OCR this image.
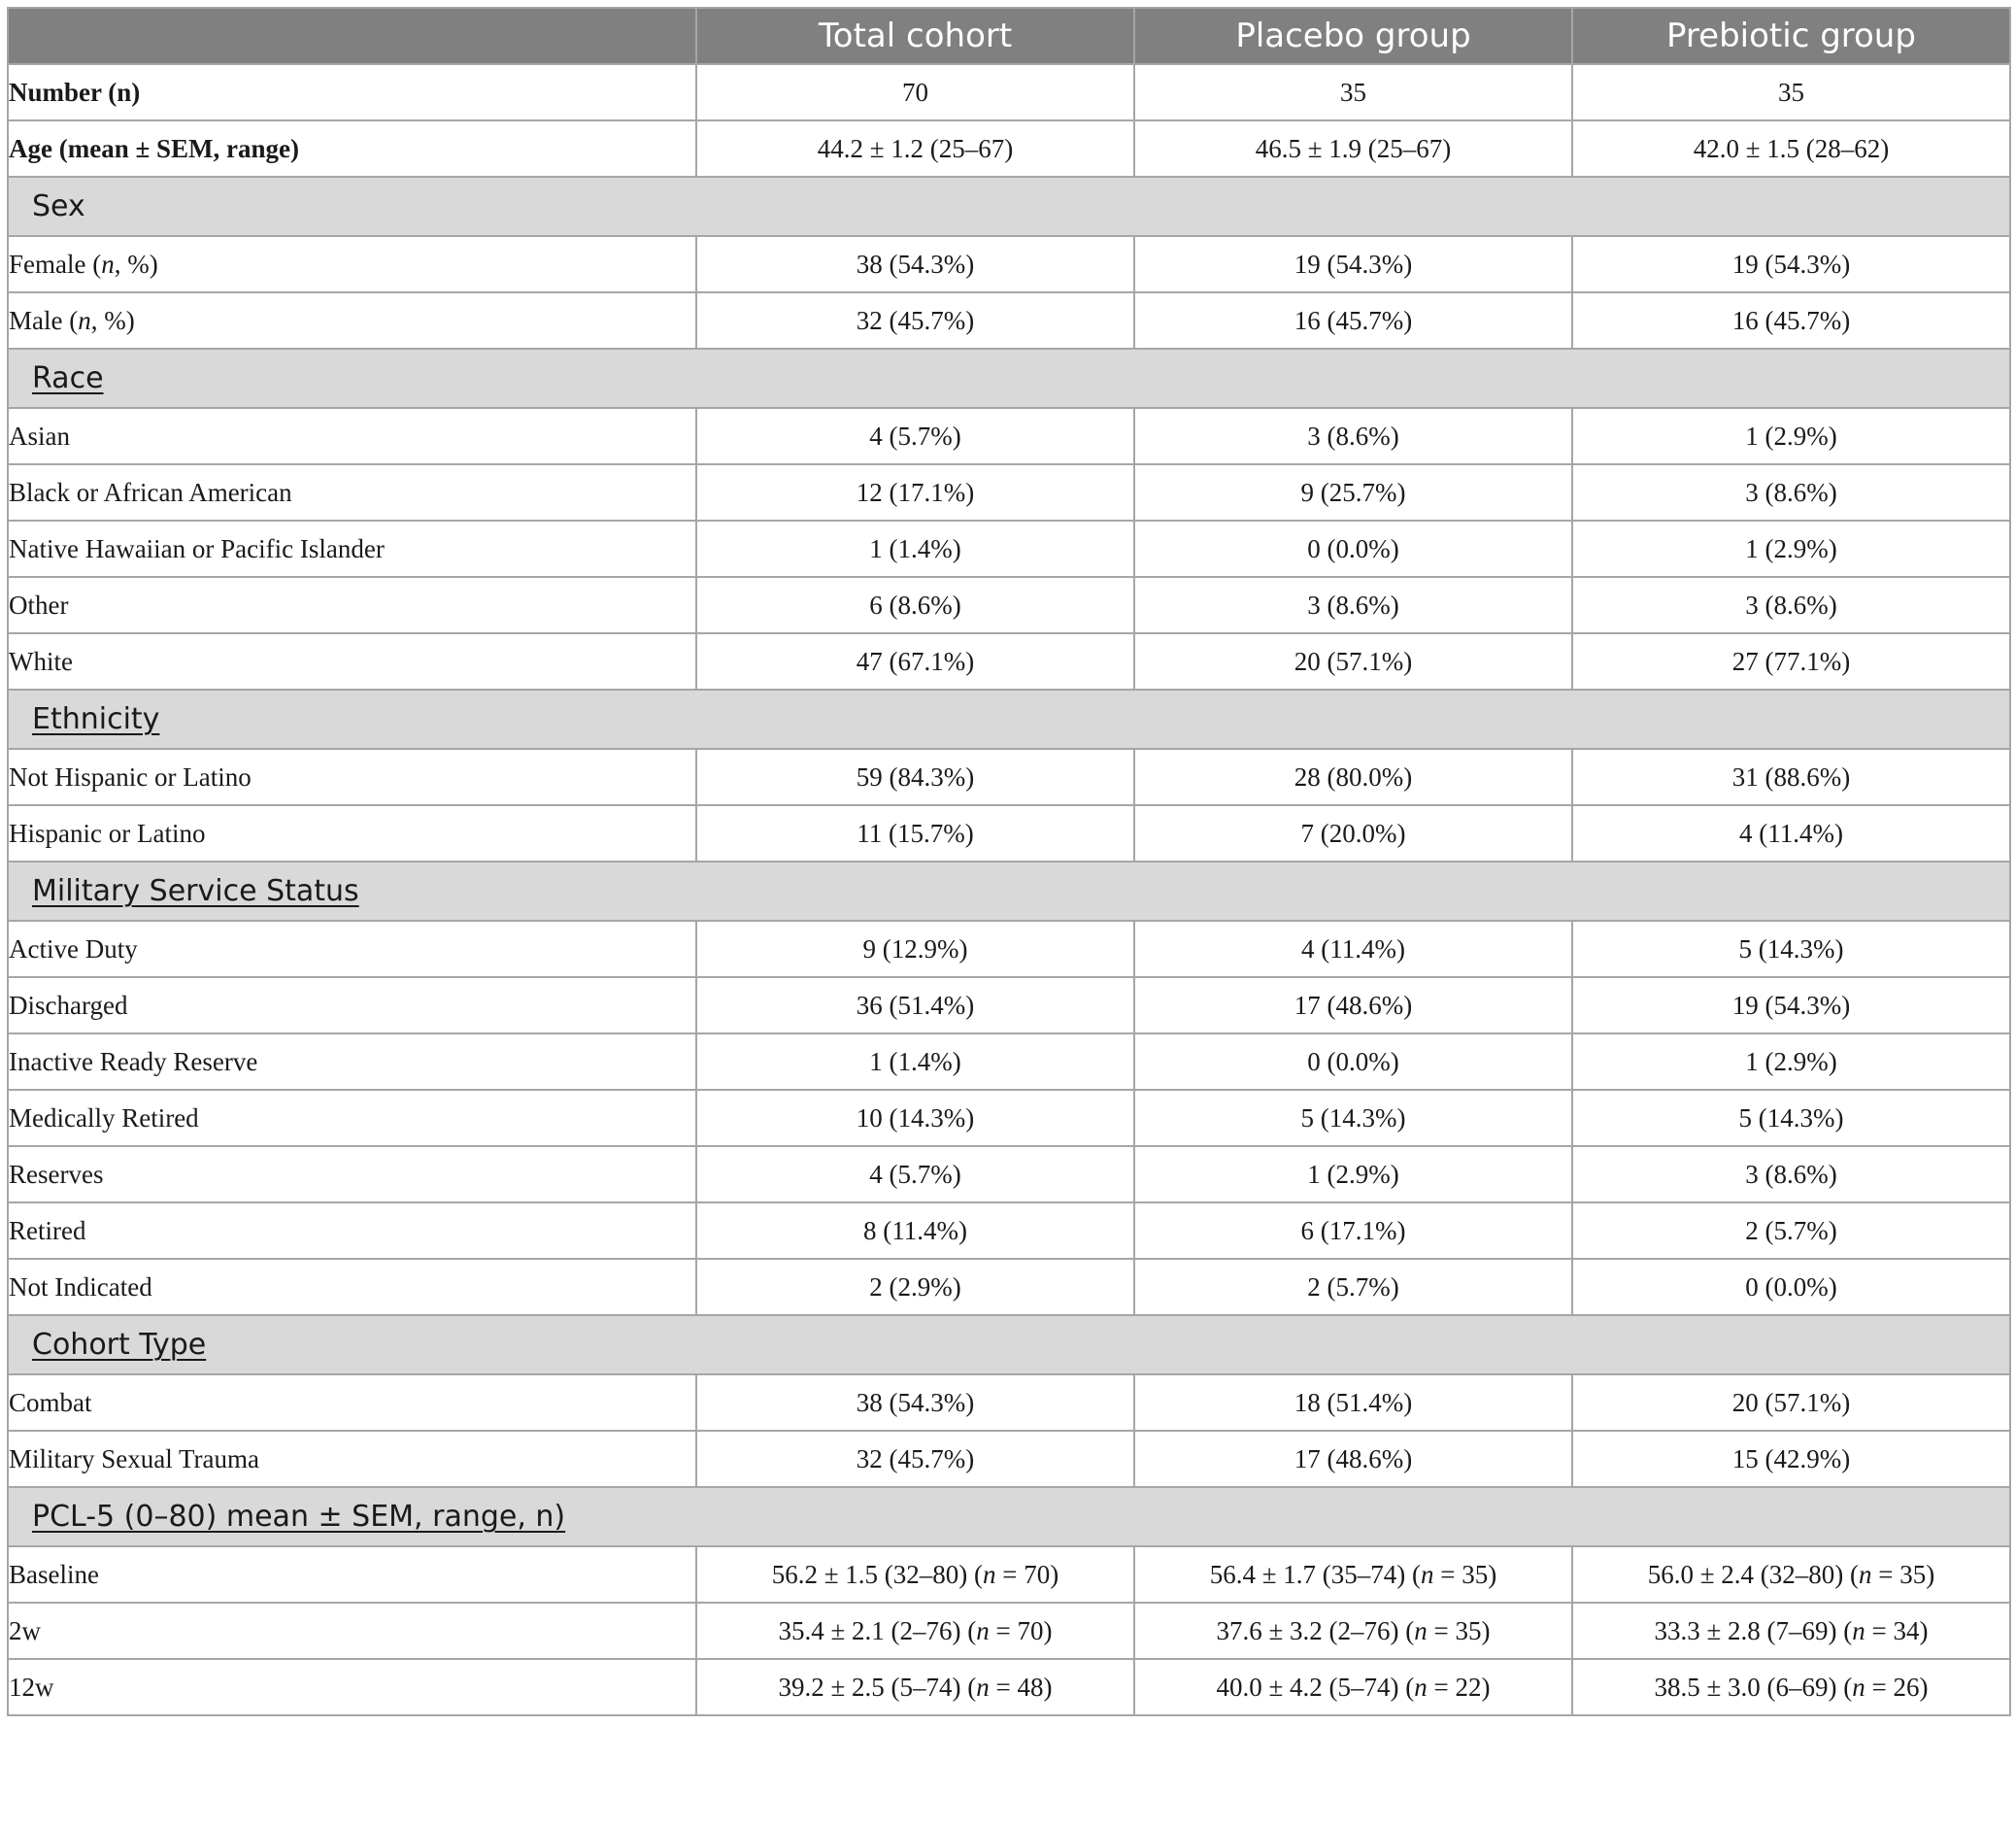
	Total cohort	Placebo group	Prebiotic group
Number (n)	70	35	35
Age (mean ± SEM, range)	44.2 ± 1.2 (25–67)	46.5 ± 1.9 (25–67)	42.0 ± 1.5 (28–62)
Sex			
Female (n, %)	38 (54.3%)	19 (54.3%)	19 (54.3%)
Male (n, %)	32 (45.7%)	16 (45.7%)	16 (45.7%)
Race			
Asian	4 (5.7%)	3 (8.6%)	1 (2.9%)
Black or African American	12 (17.1%)	9 (25.7%)	3 (8.6%)
Native Hawaiian or Pacific Islander	1 (1.4%)	0 (0.0%)	1 (2.9%)
Other	6 (8.6%)	3 (8.6%)	3 (8.6%)
White	47 (67.1%)	20 (57.1%)	27 (77.1%)
Ethnicity			
Not Hispanic or Latino	59 (84.3%)	28 (80.0%)	31 (88.6%)
Hispanic or Latino	11 (15.7%)	7 (20.0%)	4 (11.4%)
Military Service Status			
Active Duty	9 (12.9%)	4 (11.4%)	5 (14.3%)
Discharged	36 (51.4%)	17 (48.6%)	19 (54.3%)
Inactive Ready Reserve	1 (1.4%)	0 (0.0%)	1 (2.9%)
Medically Retired	10 (14.3%)	5 (14.3%)	5 (14.3%)
Reserves	4 (5.7%)	1 (2.9%)	3 (8.6%)
Retired	8 (11.4%)	6 (17.1%)	2 (5.7%)
Not Indicated	2 (2.9%)	2 (5.7%)	0 (0.0%)
Cohort Type			
Combat	38 (54.3%)	18 (51.4%)	20 (57.1%)
Military Sexual Trauma	32 (45.7%)	17 (48.6%)	15 (42.9%)
PCL-5 (0–80) mean ± SEM, range, n)			
Baseline	56.2 ± 1.5 (32–80) (n = 70)	56.4 ± 1.7 (35–74) (n = 35)	56.0 ± 2.4 (32–80) (n = 35)
2w	35.4 ± 2.1 (2–76) (n = 70)	37.6 ± 3.2 (2–76) (n = 35)	33.3 ± 2.8 (7–69) (n = 34)
12w	39.2 ± 2.5 (5–74) (n = 48)	40.0 ± 4.2 (5–74) (n = 22)	38.5 ± 3.0 (6–69) (n = 26)
